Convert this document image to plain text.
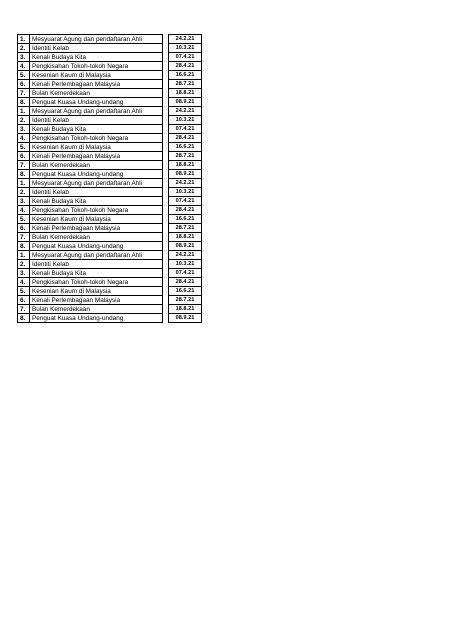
1.	Mesyuarat Agung dan pendaftaran Ahli		24.2.21
2.	Identiti Kelab		10.3.21
3.	Kenali Budaya Kita		07.4.21
4.	Pengkisahan Tokoh-tokoh Negara		28.4.21
5.	Kesenian Kaum di Malaysia		16.6.21
6.	Kenali Perlembagaan Malaysia		28.7.21
7.	Bulan Kemerdekaan		18.8.21
8.	Penguat Kuasa Undang-undang		08.9.21
1.	Mesyuarat Agung dan pendaftaran Ahli		24.2.21
2.	Identiti Kelab		10.3.21
3.	Kenali Budaya Kita		07.4.21
4.	Pengkisahan Tokoh-tokoh Negara		28.4.21
5.	Kesenian Kaum di Malaysia		16.6.21
6.	Kenali Perlembagaan Malaysia		28.7.21
7.	Bulan Kemerdekaan		18.8.21
8.	Penguat Kuasa Undang-undang		08.9.21
1.	Mesyuarat Agung dan pendaftaran Ahli		24.2.21
2.	Identiti Kelab		10.3.21
3.	Kenali Budaya Kita		07.4.21
4.	Pengkisahan Tokoh-tokoh Negara		28.4.21
5.	Kesenian Kaum di Malaysia		16.6.21
6.	Kenali Perlembagaan Malaysia		28.7.21
7.	Bulan Kemerdekaan		18.8.21
8.	Penguat Kuasa Undang-undang		08.9.21
1.	Mesyuarat Agung dan pendaftaran Ahli		24.2.21
2.	Identiti Kelab		10.3.21
3.	Kenali Budaya Kita		07.4.21
4.	Pengkisahan Tokoh-tokoh Negara		28.4.21
5.	Kesenian Kaum di Malaysia		16.6.21
6.	Kenali Perlembagaan Malaysia		28.7.21
7.	Bulan Kemerdekaan		18.8.21
8.	Penguat Kuasa Undang-undang		08.9.21
